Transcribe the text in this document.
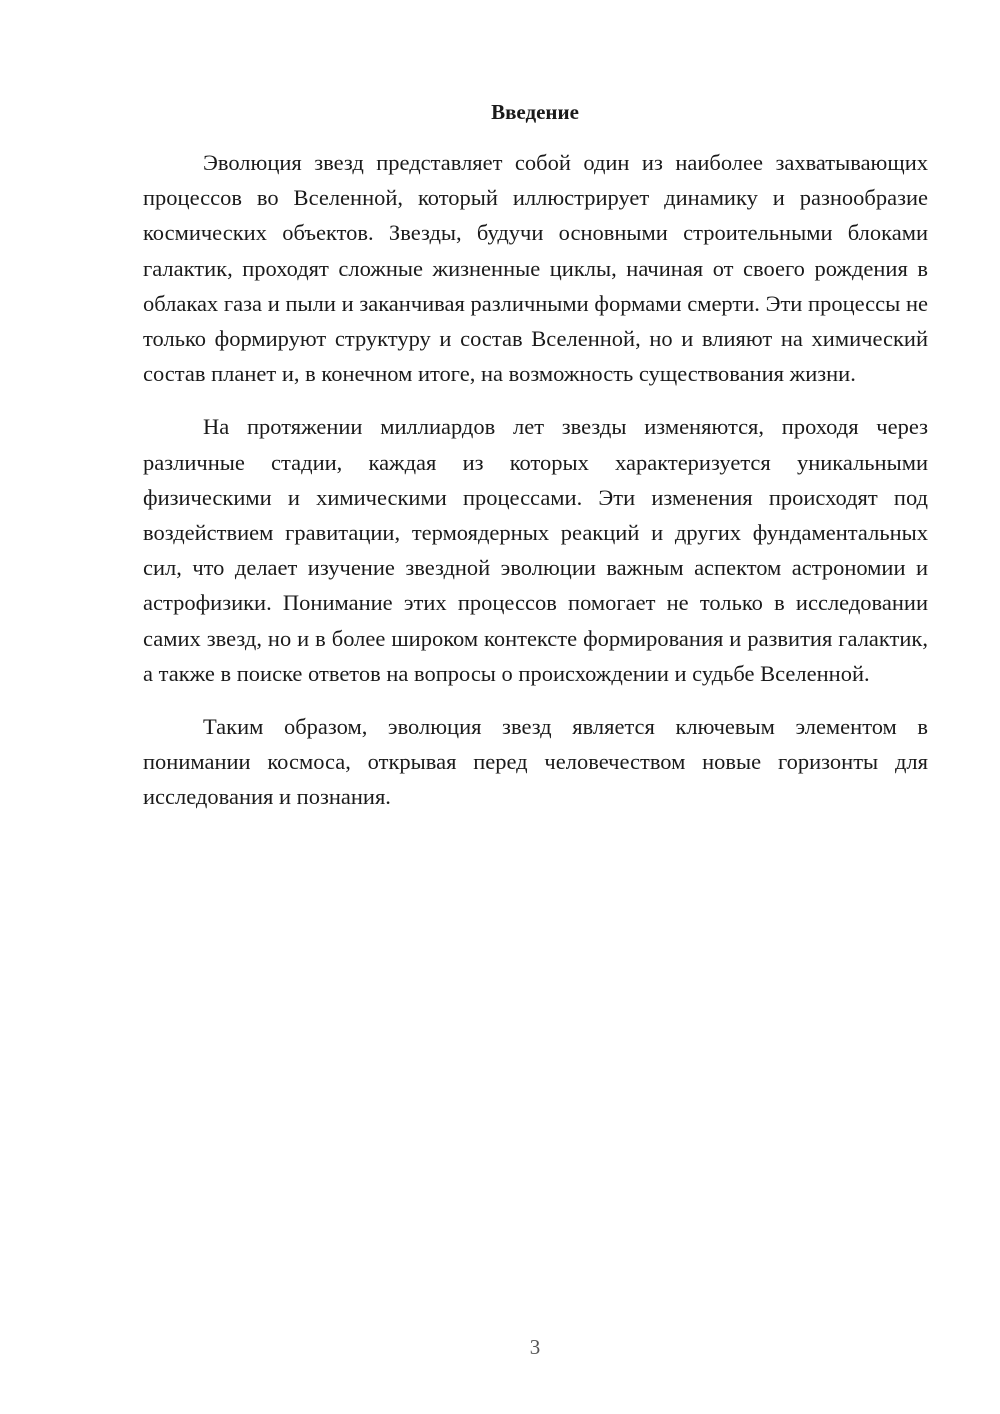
Введение

Эволюция звезд представляет собой один из наиболее захватывающих процессов во Вселенной, который иллюстрирует динамику и разнообразие космических объектов. Звезды, будучи основными строительными блоками галактик, проходят сложные жизненные циклы, начиная от своего рождения в облаках газа и пыли и заканчивая различными формами смерти. Эти процессы не только формируют структуру и состав Вселенной, но и влияют на химический состав планет и, в конечном итоге, на возможность существования жизни.

На протяжении миллиардов лет звезды изменяются, проходя через различные стадии, каждая из которых характеризуется уникальными физическими и химическими процессами. Эти изменения происходят под воздействием гравитации, термоядерных реакций и других фундаментальных сил, что делает изучение звездной эволюции важным аспектом астрономии и астрофизики. Понимание этих процессов помогает не только в исследовании самих звезд, но и в более широком контексте формирования и развития галактик, а также в поиске ответов на вопросы о происхождении и судьбе Вселенной.

Таким образом, эволюция звезд является ключевым элементом в понимании космоса, открывая перед человечеством новые горизонты для исследования и познания.

3
